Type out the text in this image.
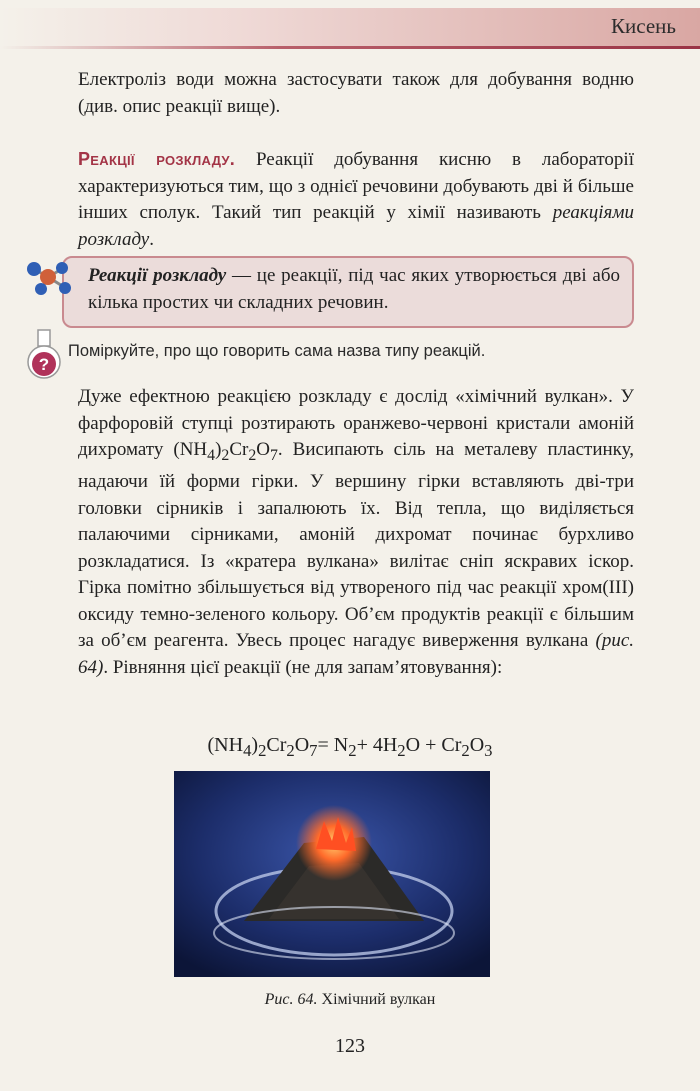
Кисень
Електроліз води можна застосувати також для добування водню (див. опис реакції вище).
Реакції розкладу. Реакції добування кисню в лабораторії характеризуються тим, що з однієї речовини добувають дві й більше інших сполук. Такий тип реакцій у хімії називають реакціями розкладу.
Реакції розкладу — це реакції, під час яких утворюється дві або кілька простих чи складних речовин.
?
Поміркуйте, про що говорить сама назва типу реакцій.
Дуже ефектною реакцією розкладу є дослід «хімічний вулкан». У фарфоровій ступці розтирають оранжево-червоні кристали амоній дихромату $(NH_4)_2Cr_2O_7$. Висипають сіль на металеву пластинку, надаючи їй форми гірки. У вершину гірки вставляють дві-три головки сірників і запалюють їх. Від тепла, що виділяється палаючими сірниками, амоній дихромат починає бурхливо розкладатися. Із «кратера вулкана» вилітає сніп яскравих іскор. Гірка помітно збільшується від утвореного під час реакції хром(III) оксиду темно-зеленого кольору. Об’єм продуктів реакції є більшим за об’єм реагента. Увесь процес нагадує виверження вулкана (рис. 64). Рівняння цієї реакції (не для запам’ятовування):
$(NH_4)_2Cr_2O_7= N_2+ 4H_2O + Cr_2O_3$
Рис. 64. Хімічний вулкан
123
